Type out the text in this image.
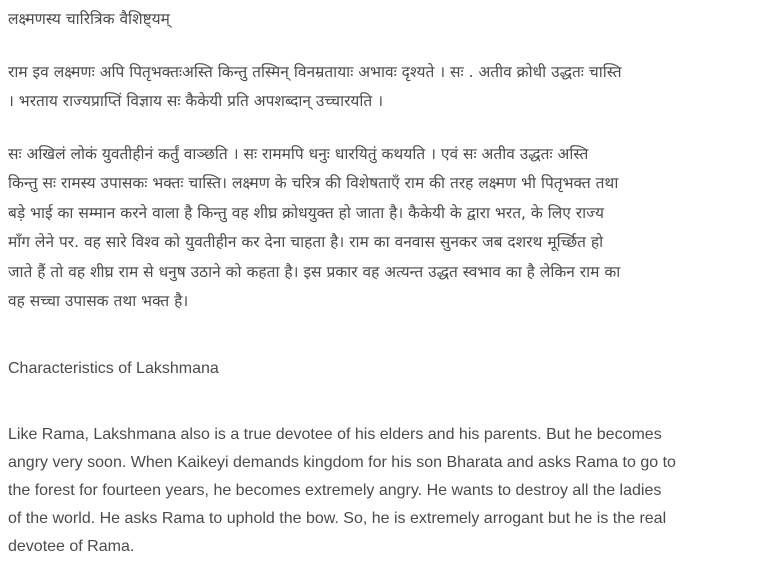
लक्ष्मणस्य चारित्रिक वैशिष्ट्यम्

राम इव लक्ष्मणः अपि पितृभक्तःअस्ति किन्तु तस्मिन् विनम्रतायाः अभावः दृश्यते । सः . अतीव क्रोधी उद्धतः चास्ति
। भरताय राज्यप्राप्तिं विज्ञाय सः कैकेयी प्रति अपशब्दान् उच्चारयति ।

सः अखिलं लोकं युवतीहीनं कर्तुं वाञ्छति । सः राममपि धनुः धारयितुं कथयति । एवं सः अतीव उद्धतः अस्ति
किन्तु सः रामस्य उपासकः भक्तः चास्ति। लक्ष्मण के चरित्र की विशेषताएँ राम की तरह लक्ष्मण भी पितृभक्त तथा
बड़े भाई का सम्मान करने वाला है किन्तु वह शीघ्र क्रोधयुक्त हो जाता है। कैकेयी के द्वारा भरत, के लिए राज्य
माँग लेने पर. वह सारे विश्व को युवतीहीन कर देना चाहता है। राम का वनवास सुनकर जब दशरथ मूर्च्छित हो
जाते हैं तो वह शीघ्र राम से धनुष उठाने को कहता है। इस प्रकार वह अत्यन्त उद्धत स्वभाव का है लेकिन राम का
वह सच्चा उपासक तथा भक्त है।

Characteristics of Lakshmana

Like Rama, Lakshmana also is a true devotee of his elders and his parents. But he becomes
angry very soon. When Kaikeyi demands kingdom for his son Bharata and asks Rama to go to
the forest for fourteen years, he becomes extremely angry. He wants to destroy all the ladies
of the world. He asks Rama to uphold the bow. So, he is extremely arrogant but he is the real
devotee of Rama.
